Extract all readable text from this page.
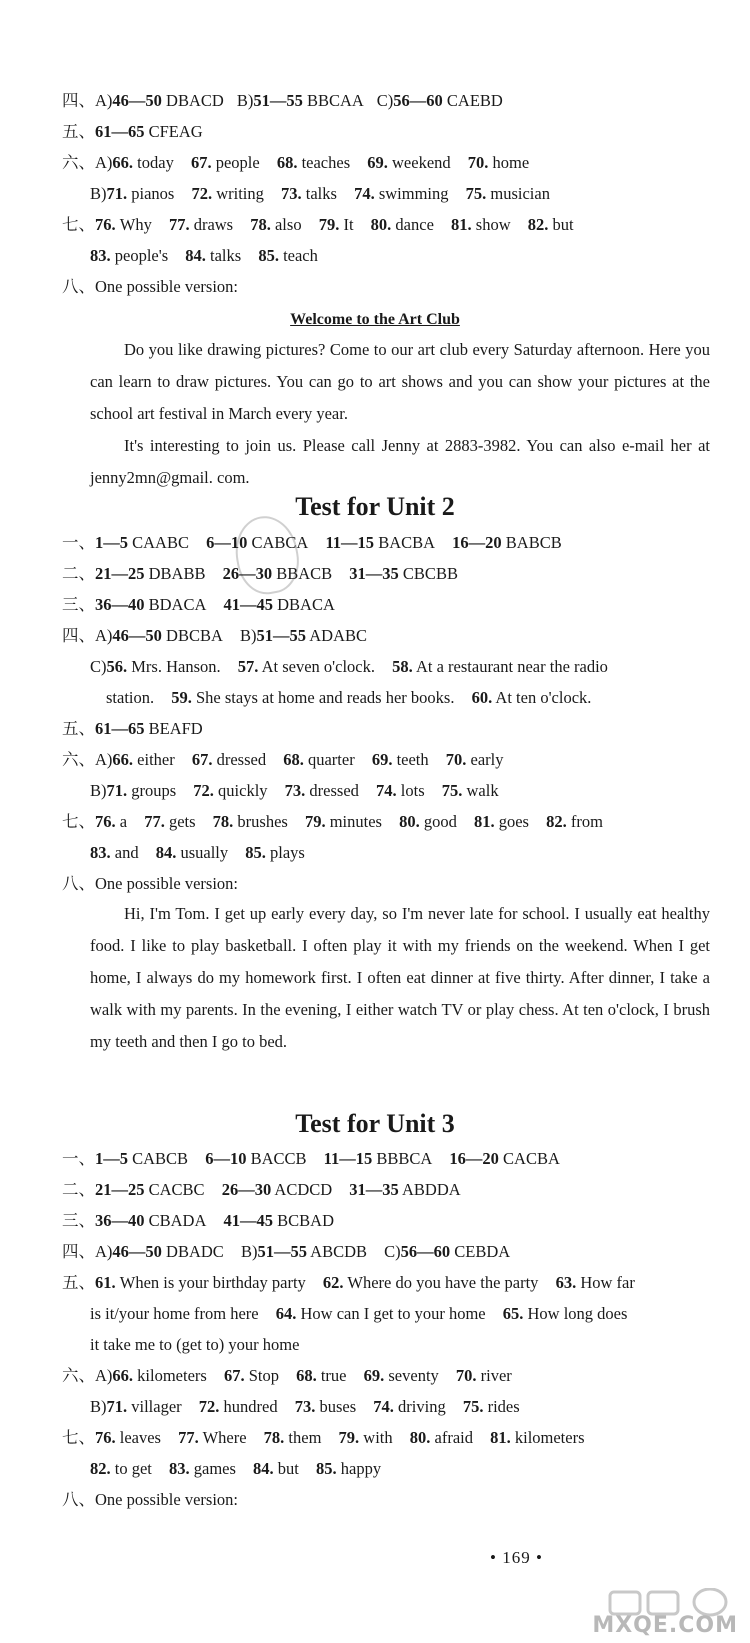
四、A)46—50 DBACD B)51—55 BBCAA C)56—60 CAEBD
五、61—65 CFEAG
六、A)66. today 67. people 68. teaches 69. weekend 70. home
B)71. pianos 72. writing 73. talks 74. swimming 75. musician
七、76. Why 77. draws 78. also 79. It 80. dance 81. show 82. but
83. people's 84. talks 85. teach
八、One possible version:
Welcome to the Art Club

Do you like drawing pictures? Come to our art club every Saturday afternoon. Here you can learn to draw pictures. You can go to art shows and you can show your pictures at the school art festival in March every year.

It's interesting to join us. Please call Jenny at 2883-3982. You can also e-mail her at jenny2mn@gmail. com.

Test for Unit 2
一、1—5 CAABC 6—10 CABCA 11—15 BACBA 16—20 BABCB
二、21—25 DBABB 26—30 BBACB 31—35 CBCBB
三、36—40 BDACA 41—45 DBACA
四、A)46—50 DBCBA B)51—55 ADABC
C)56. Mrs. Hanson. 57. At seven o'clock. 58. At a restaurant near the radio
station. 59. She stays at home and reads her books. 60. At ten o'clock.
五、61—65 BEAFD
六、A)66. either 67. dressed 68. quarter 69. teeth 70. early
B)71. groups 72. quickly 73. dressed 74. lots 75. walk
七、76. a 77. gets 78. brushes 79. minutes 80. good 81. goes 82. from
83. and 84. usually 85. plays
八、One possible version:

Hi, I'm Tom. I get up early every day, so I'm never late for school. I usually eat healthy food. I like to play basketball. I often play it with my friends on the weekend. When I get home, I always do my homework first. I often eat dinner at five thirty. After dinner, I take a walk with my parents. In the evening, I either watch TV or play chess. At ten o'clock, I brush my teeth and then I go to bed.

Test for Unit 3
一、1—5 CABCB 6—10 BACCB 11—15 BBBCA 16—20 CACBA
二、21—25 CACBC 26—30 ACDCD 31—35 ABDDA
三、36—40 CBADA 41—45 BCBAD
四、A)46—50 DBADC B)51—55 ABCDB C)56—60 CEBDA
五、61. When is your birthday party 62. Where do you have the party 63. How far
is it/your home from here 64. How can I get to your home 65. How long does
it take me to (get to) your home
六、A)66. kilometers 67. Stop 68. true 69. seventy 70. river
B)71. villager 72. hundred 73. buses 74. driving 75. rides
七、76. leaves 77. Where 78. them 79. with 80. afraid 81. kilometers
82. to get 83. games 84. but 85. happy
八、One possible version:
• 169 •
MXQE.COM
